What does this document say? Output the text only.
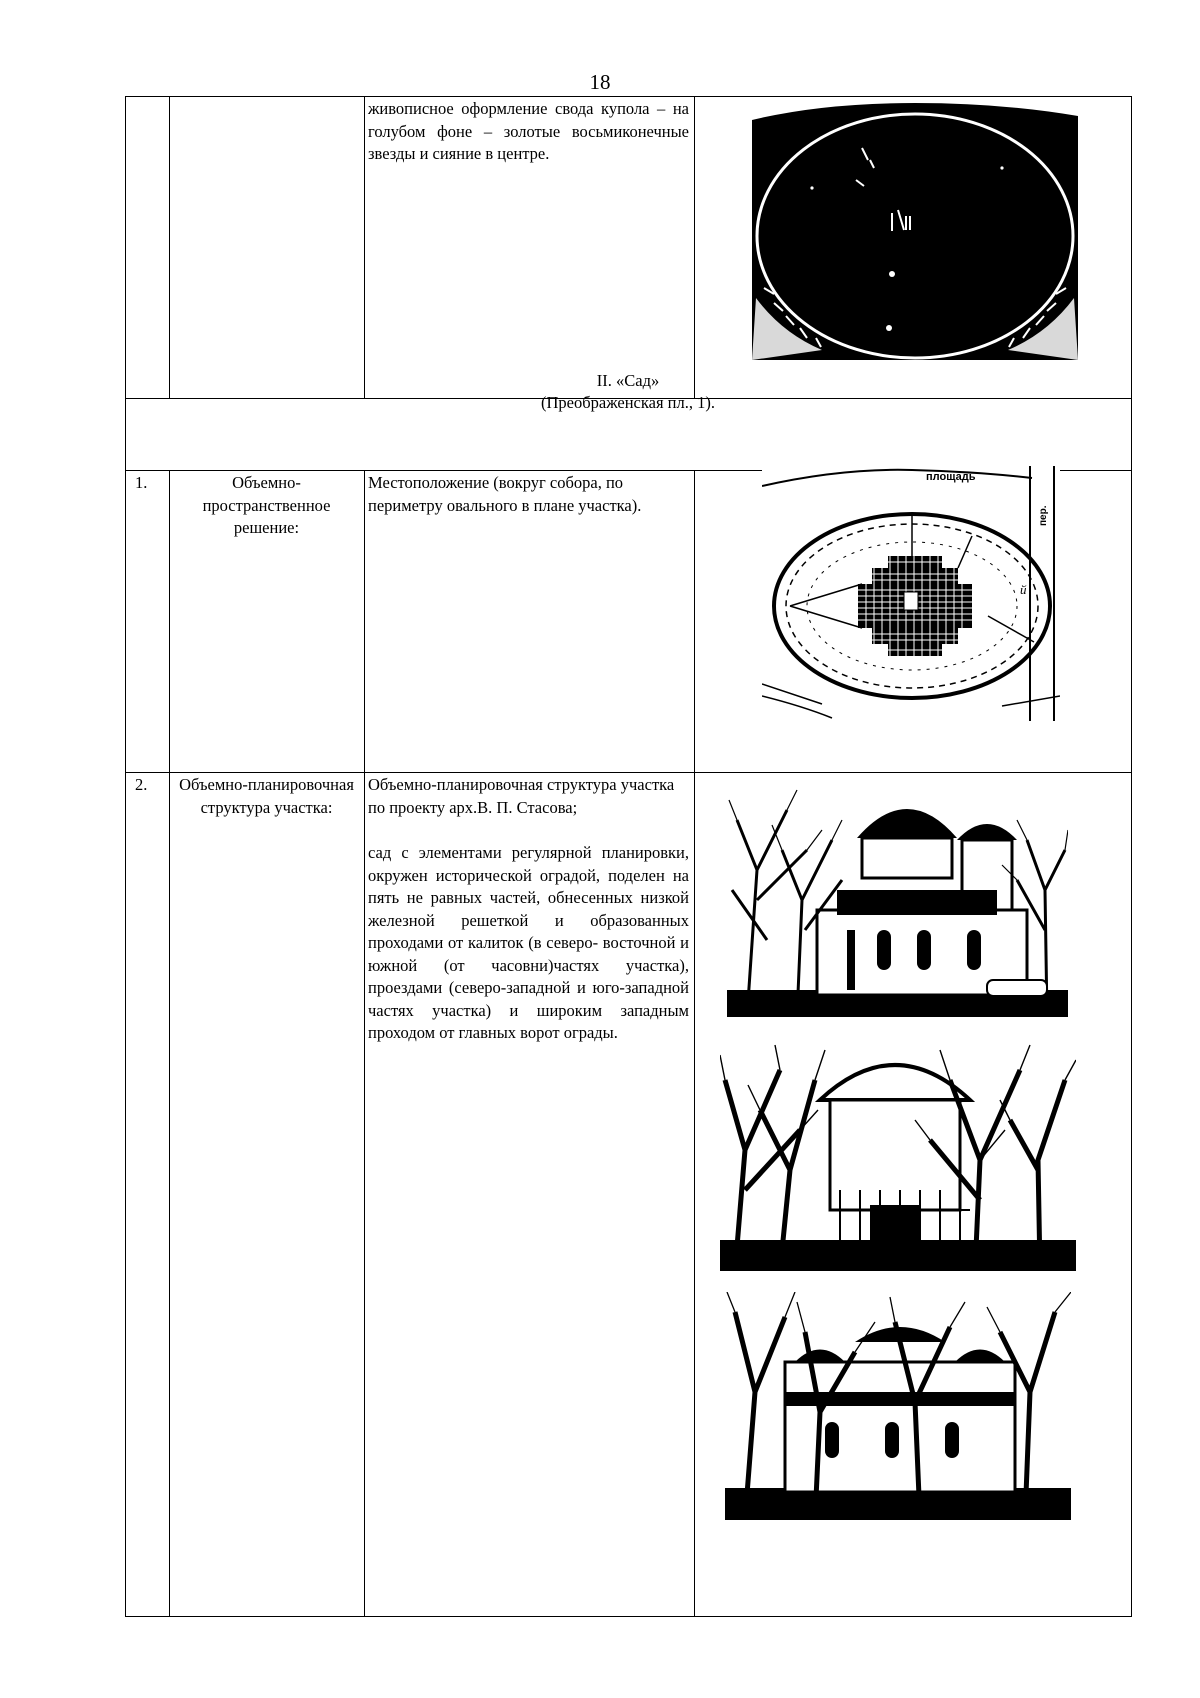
18
живописное оформление свода купола – на голубом фоне – золотые восьмиконечные звезды и сияние в центре.
II. «Сад»
(Преображенская пл., 1).
1.	Объемно-пространственное решение:
Местоположение (вокруг собора, по периметру овального в плане участка).
площадь
пер.
й
2.	Объемно-планировочная структура участка:
Объемно-планировочная структура участка по проекту арх.В. П. Стасова;
сад с элементами регулярной планировки, окружен исторической оградой, поделен на пять не равных частей, обнесенных низкой железной решеткой и образованных проходами от калиток (в северо- восточной и южной (от часовни)частях участка), проездами (северо-западной и юго-западной частях участка) и широким западным проходом от главных ворот ограды.
